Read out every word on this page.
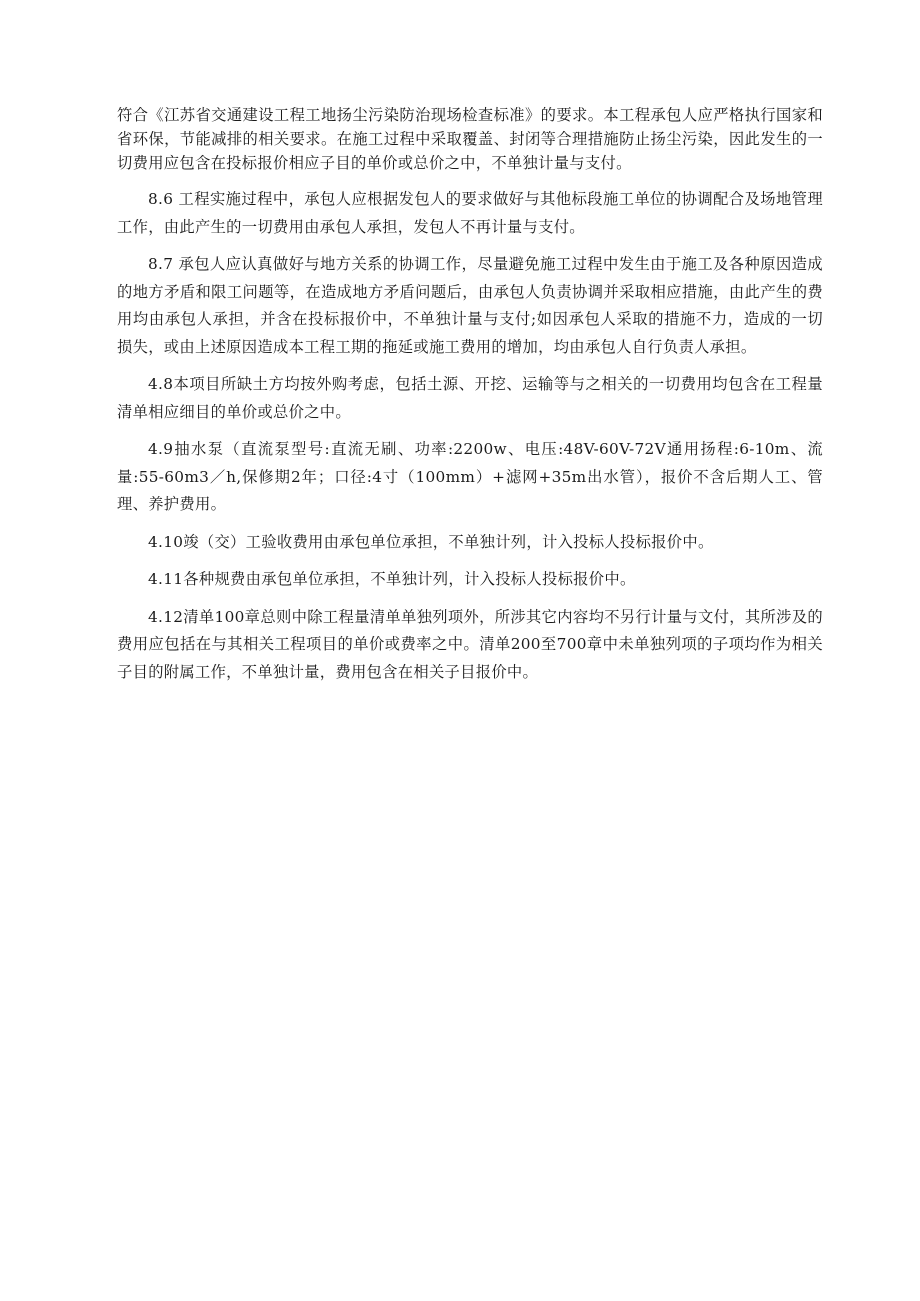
符合《江苏省交通建设工程工地扬尘污染防治现场检查标准》的要求。本工程承包人应严格执行国家和省环保，节能减排的相关要求。在施工过程中采取覆盖、封闭等合理措施防止扬尘污染，因此发生的一切费用应包含在投标报价相应子目的单价或总价之中，不单独计量与支付。

8.6 工程实施过程中，承包人应根据发包人的要求做好与其他标段施工单位的协调配合及场地管理工作，由此产生的一切费用由承包人承担，发包人不再计量与支付。

8.7 承包人应认真做好与地方关系的协调工作，尽量避免施工过程中发生由于施工及各种原因造成的地方矛盾和限工问题等，在造成地方矛盾问题后，由承包人负责协调并采取相应措施，由此产生的费用均由承包人承担，并含在投标报价中，不单独计量与支付;如因承包人采取的措施不力，造成的一切损失，或由上述原因造成本工程工期的拖延或施工费用的增加，均由承包人自行负责人承担。

4.8本项目所缺土方均按外购考虑，包括土源、开挖、运输等与之相关的一切费用均包含在工程量清单相应细目的单价或总价之中。

4.9抽水泵（直流泵型号:直流无刷、功率:2200w、电压:48V-60V-72V通用扬程:6-10m、流量:55-60m3／h,保修期2年；口径:4寸（100mm）+滤网+35m出水管），报价不含后期人工、管理、养护费用。

4.10竣（交）工验收费用由承包单位承担，不单独计列，计入投标人投标报价中。

4.11各种规费由承包单位承担，不单独计列，计入投标人投标报价中。

4.12清单100章总则中除工程量清单单独列项外，所涉其它内容均不另行计量与文付，其所涉及的费用应包括在与其相关工程项目的单价或费率之中。清单200至700章中未单独列项的子项均作为相关子目的附属工作，不单独计量，费用包含在相关子目报价中。
